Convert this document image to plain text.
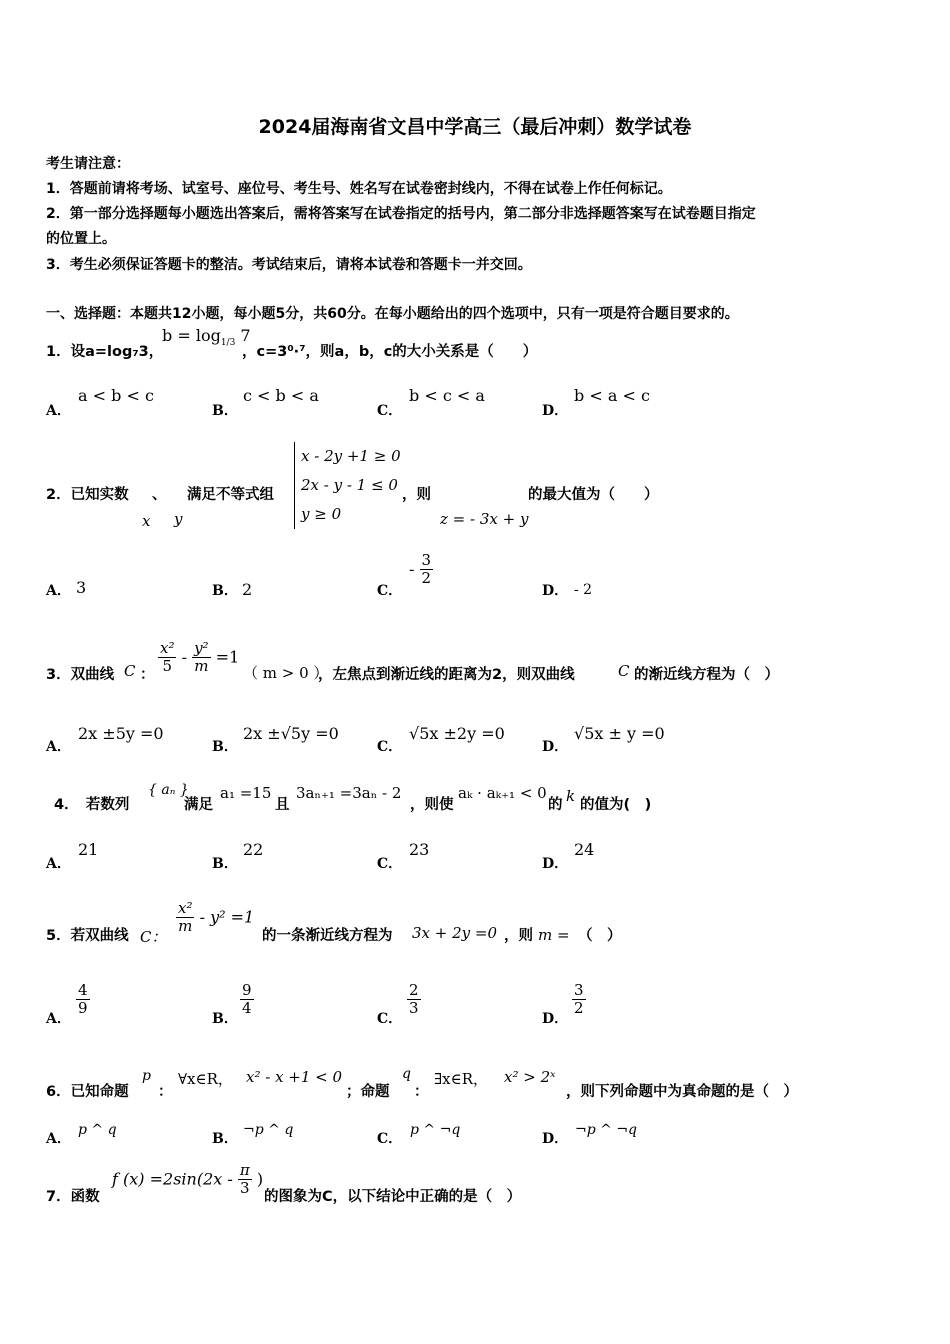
2024届海南省文昌中学高三（最后冲刺）数学试卷
考生请注意：
1．答题前请将考场、试室号、座位号、考生号、姓名写在试卷密封线内，不得在试卷上作任何标记。
2．第一部分选择题每小题选出答案后，需将答案写在试卷指定的括号内，第二部分非选择题答案写在试卷题目指定
的位置上。
3．考生必须保证答题卡的整洁。考试结束后，请将本试卷和答题卡一并交回。
一、选择题：本题共12小题，每小题5分，共60分。在每小题给出的四个选项中，只有一项是符合题目要求的。
1．设a=log₇3，
$b = \log_{1/3} 7$
，c=3⁰·⁷，则a，b，c的大小关系是（　　）
A．
a < b < c
B．
c < b < a
C．
b < c < a
D．
b < a < c
2．已知实数 、 满足不等式组
x y
x - 2y +1 ≥ 0
2x - y - 1 ≤ 0
y ≥ 0
，则
z = - 3x + y
的最大值为（　　）
A． 3	B． 2	C．
- $\frac{3}{2}$
D． - 2
3．双曲线 C ：
$\frac{\text{x²}}{5} - \frac{\text{y²}}{m} =1$
（ m > 0 ）
，左焦点到渐近线的距离为2，则双曲线	C 的渐近线方程为（　）
A．
2x ±5y =0
B．
2x ±√5y =0
C．
√5x ±2y =0
D．
√5x ± y =0
4．　若数列
{ aₙ }
满足
a₁ =15
且
3aₙ₊₁ =3aₙ - 2
，则使
aₖ · aₖ₊₁ < 0
的 k 的值为(　)
A．
21
B．
22
C．
23
D．
24
5．若双曲线 C：
$\frac{\text{x²}}{m} - y^2 =1$
的一条渐近线方程为 3x + 2y =0 ，则 m = （　）
A．
$\frac{4}{9}$
B．
$\frac{9}{4}$
C．
$\frac{2}{3}$
D．
$\frac{3}{2}$
6．已知命题
p
：
∀x∈R， x² - x +1 < 0
；命题
q
：
∃x∈R， x² > 2ˣ
，则下列命题中为真命题的是（　）
A．
p ^ q
B．
¬p ^ q
C．
p ^ ¬q
D．
¬p ^ ¬q
7．函数
f $(x) =2\sin(2x - \frac{\pi}{3}$ )
的图象为C，以下结论中正确的是（　）
